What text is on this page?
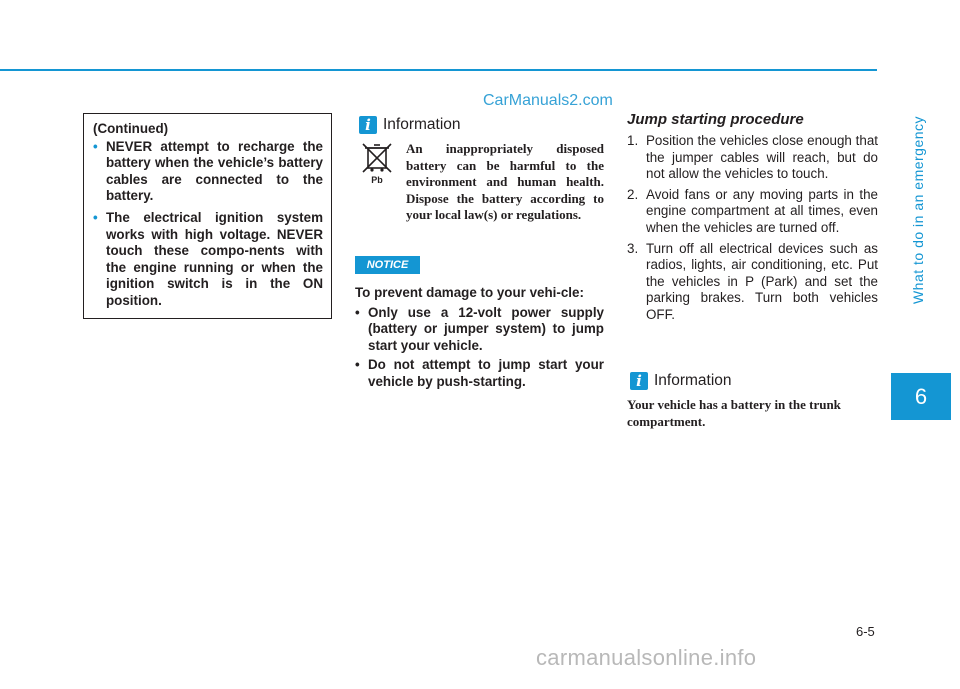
CarManuals2.com
What to do in an emergency
6
(Continued)
• NEVER attempt to recharge the battery when the vehicle’s battery cables are connected to the battery.
• The electrical ignition system works with high voltage. NEVER touch these compo-nents with the engine running or when the ignition switch is in the ON position.
i Information
Pb
An inappropriately disposed battery can be harmful to the environment and human health. Dispose the battery according to your local law(s) or regulations.
NOTICE

To prevent damage to your vehi-cle:

• Only use a 12-volt power supply (battery or jumper system) to jump start your vehicle.
• Do not attempt to jump start your vehicle by push-starting.
Jump starting procedure
1. Position the vehicles close enough that the jumper cables will reach, but do not allow the vehicles to touch.
2. Avoid fans or any moving parts in the engine compartment at all times, even when the vehicles are turned off.
3. Turn off all electrical devices such as radios, lights, air conditioning, etc. Put the vehicles in P (Park) and set the parking brakes. Turn both vehicles OFF.
i Information
Your vehicle has a battery in the trunk compartment.
6-5
carmanualsonline.info
